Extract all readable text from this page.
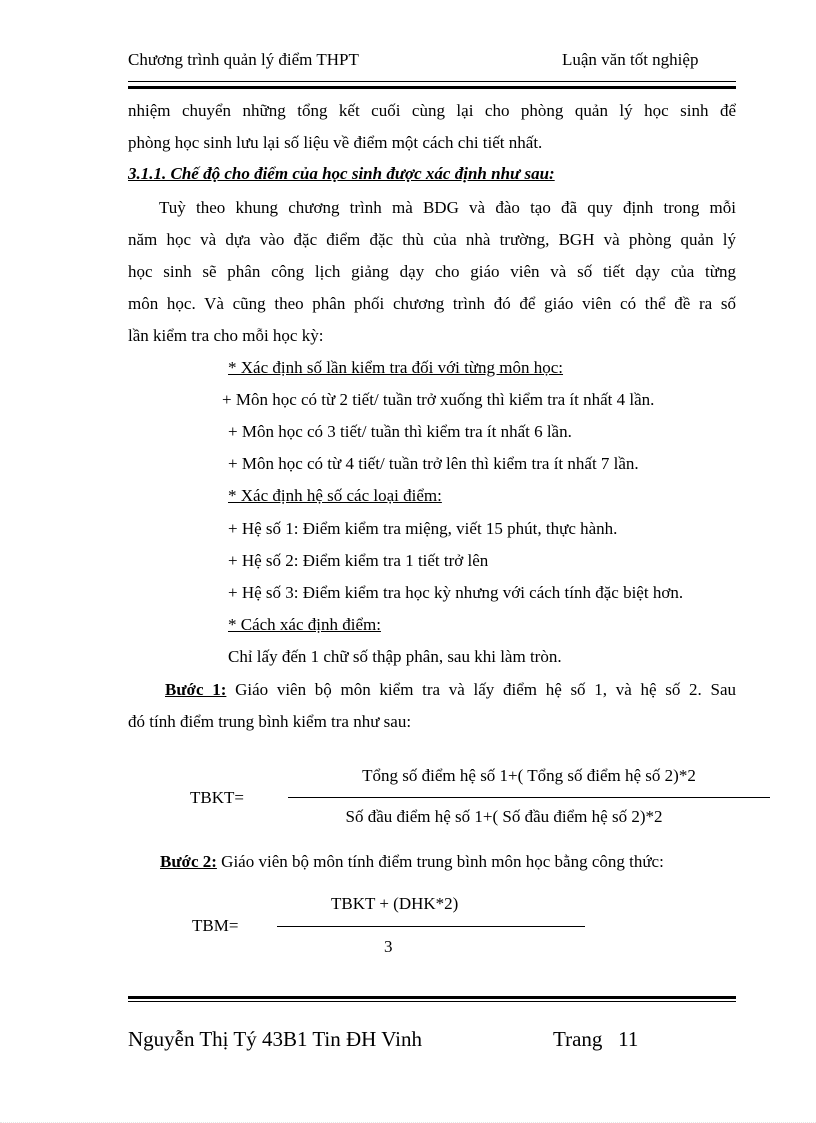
Chương trình quản lý điểm THPT	Luận văn tốt nghiệp
nhiệm chuyển những tổng kết cuối cùng lại cho phòng quản lý học sinh để
phòng học sinh lưu lại số liệu về điểm một cách chi tiết nhất.
3.1.1. Chế độ cho điểm của học sinh được xác định như sau:
Tuỳ theo khung chương trình mà BDG và đào tạo đã quy định trong mỗi
năm học và dựa vào đặc điểm đặc thù của nhà trường, BGH và phòng quản lý
học sinh sẽ phân công lịch giảng dạy cho giáo viên và số tiết dạy của từng
môn học. Và cũng theo phân phối chương trình đó để giáo viên có thể đề ra số
lần kiểm tra cho mỗi học kỳ:
* Xác định số lần kiểm tra đối với từng môn học:
+ Môn học có từ 2 tiết/ tuần trở xuống thì kiểm tra ít nhất 4 lần.
+ Môn học có 3 tiết/ tuần thì kiểm tra ít nhất 6 lần.
+ Môn học có từ 4 tiết/ tuần trở lên thì kiểm tra ít nhất 7 lần.
* Xác định hệ số các loại điểm:
+ Hệ số 1: Điểm kiểm tra miệng, viết 15 phút, thực hành.
+ Hệ số 2: Điểm kiểm tra 1 tiết trở lên
+ Hệ số 3: Điểm kiểm tra học kỳ nhưng với cách tính đặc biệt hơn.
* Cách xác định điểm:
Chỉ lấy đến 1 chữ số thập phân, sau khi làm tròn.
Bước 1: Giáo viên bộ môn kiểm tra và lấy điểm hệ số 1, và hệ số 2. Sau
đó tính điểm trung bình kiểm tra như sau:
TBKT=
Tổng số điểm hệ số 1+( Tổng số điểm hệ số 2)*2
Số đầu điểm hệ số 1+( Số đầu điểm hệ số 2)*2
Bước 2: Giáo viên bộ môn tính điểm trung bình môn học bằng công thức:
TBM=
TBKT + (DHK*2)
3
Nguyễn Thị Tý 43B1 Tin ĐH Vinh	Trang 11
